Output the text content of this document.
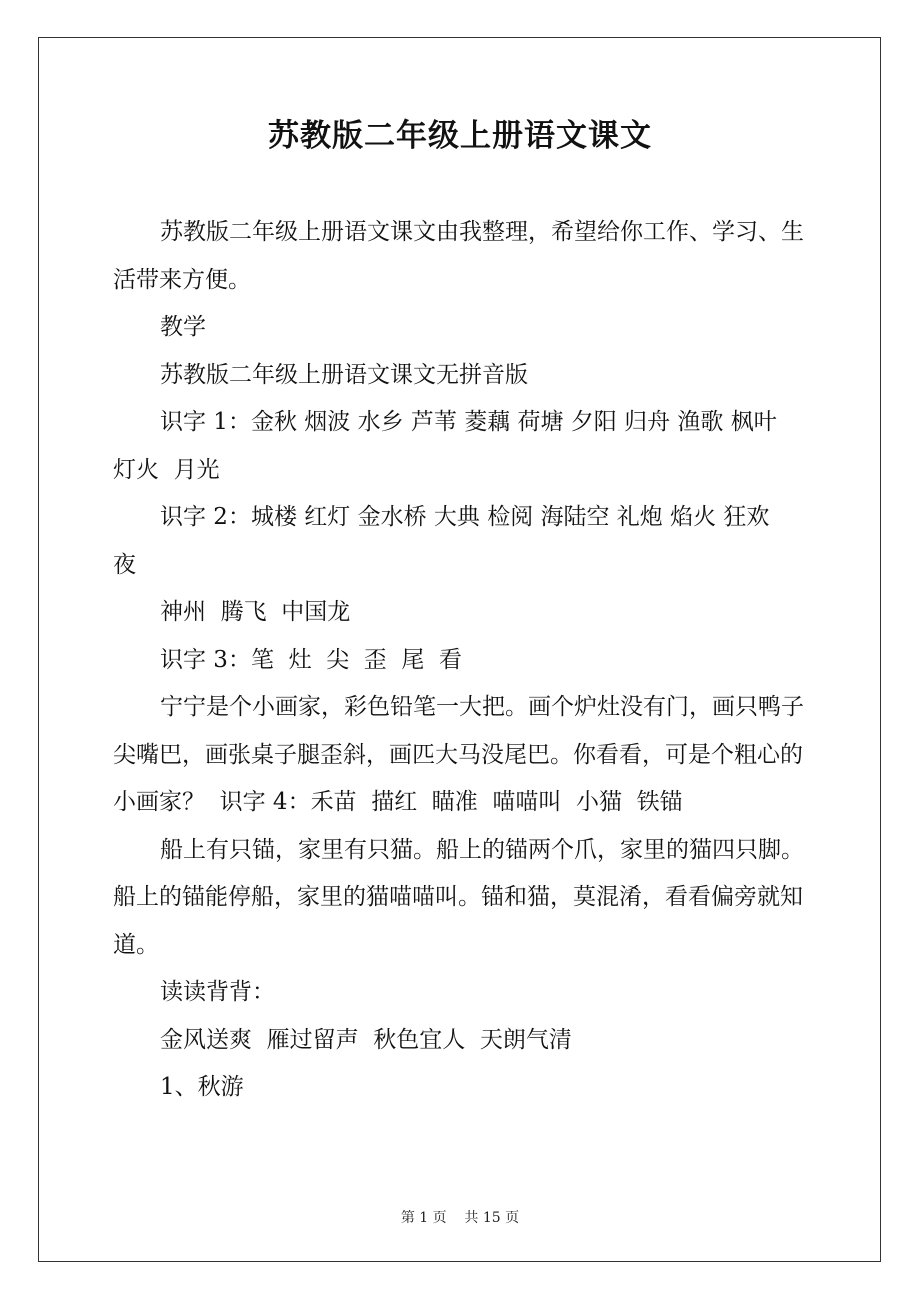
苏教版二年级上册语文课文

苏教版二年级上册语文课文由我整理，希望给你工作、学习、生活带来方便。

教学

苏教版二年级上册语文课文无拼音版

识字 1：金秋 烟波 水乡 芦苇 菱藕 荷塘 夕阳 归舟 渔歌 枫叶

灯火  月光

识字 2：城楼 红灯 金水桥 大典 检阅 海陆空 礼炮 焰火 狂欢

夜

神州  腾飞  中国龙

识字 3：笔  灶  尖  歪  尾  看

宁宁是个小画家，彩色铅笔一大把。画个炉灶没有门，画只鸭子尖嘴巴，画张桌子腿歪斜，画匹大马没尾巴。你看看，可是个粗心的小画家？  识字 4：禾苗  描红  瞄准  喵喵叫  小猫  铁锚

船上有只锚，家里有只猫。船上的锚两个爪，家里的猫四只脚。船上的锚能停船，家里的猫喵喵叫。锚和猫，莫混淆，看看偏旁就知道。

读读背背：

金风送爽  雁过留声  秋色宜人  天朗气清

1、秋游

第 1 页    共 15 页
